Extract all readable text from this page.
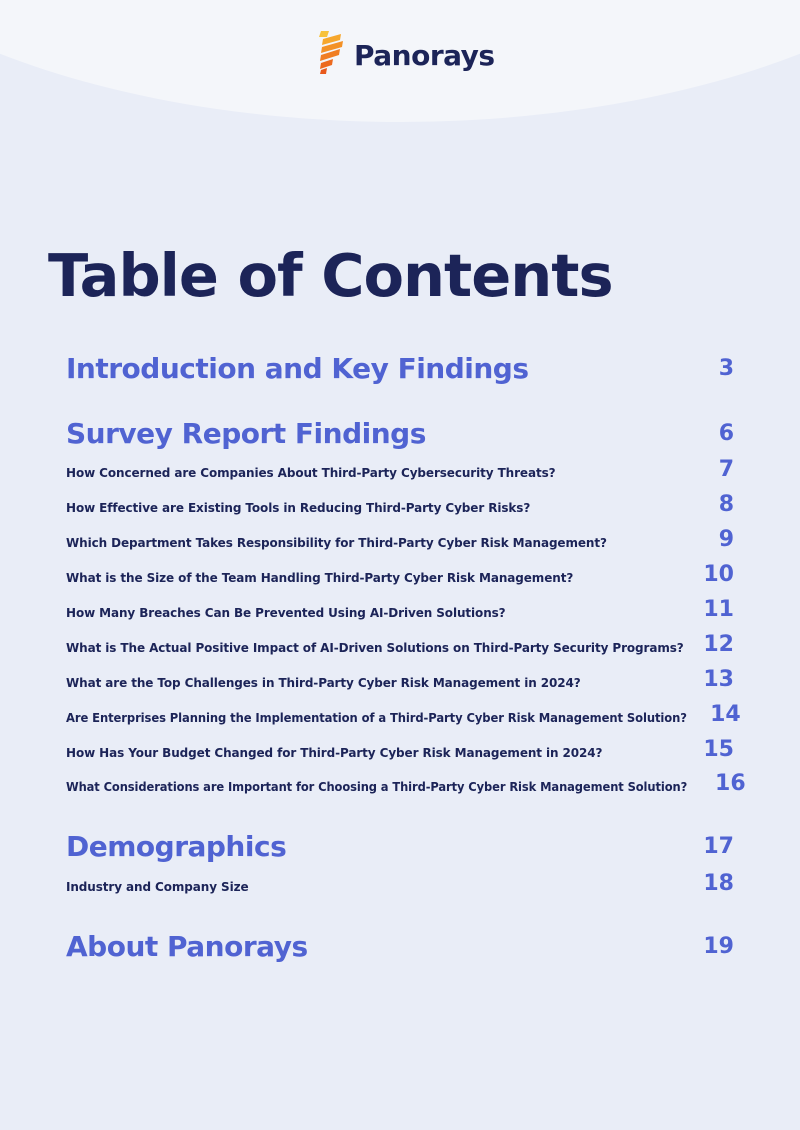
Panorays
Table of Contents
Introduction and Key Findings	3
Survey Report Findings	6
How Concerned are Companies About Third-Party Cybersecurity Threats?	7
How Effective are Existing Tools in Reducing Third-Party Cyber Risks?	8
Which Department Takes Responsibility for Third-Party Cyber Risk Management?	9
What is the Size of the Team Handling Third-Party Cyber Risk Management?	10
How Many Breaches Can Be Prevented Using AI-Driven Solutions?	11
What is The Actual Positive Impact of AI-Driven Solutions on Third-Party Security Programs? 12
What are the Top Challenges in Third-Party Cyber Risk Management in 2024?	13
Are Enterprises Planning the Implementation of a Third-Party Cyber Risk Management Solution? 14
How Has Your Budget Changed for Third-Party Cyber Risk Management in 2024?	15
What Considerations are Important for Choosing a Third-Party Cyber Risk Management Solution? 16
Demographics	17
Industry and Company Size	18
About Panorays	19
